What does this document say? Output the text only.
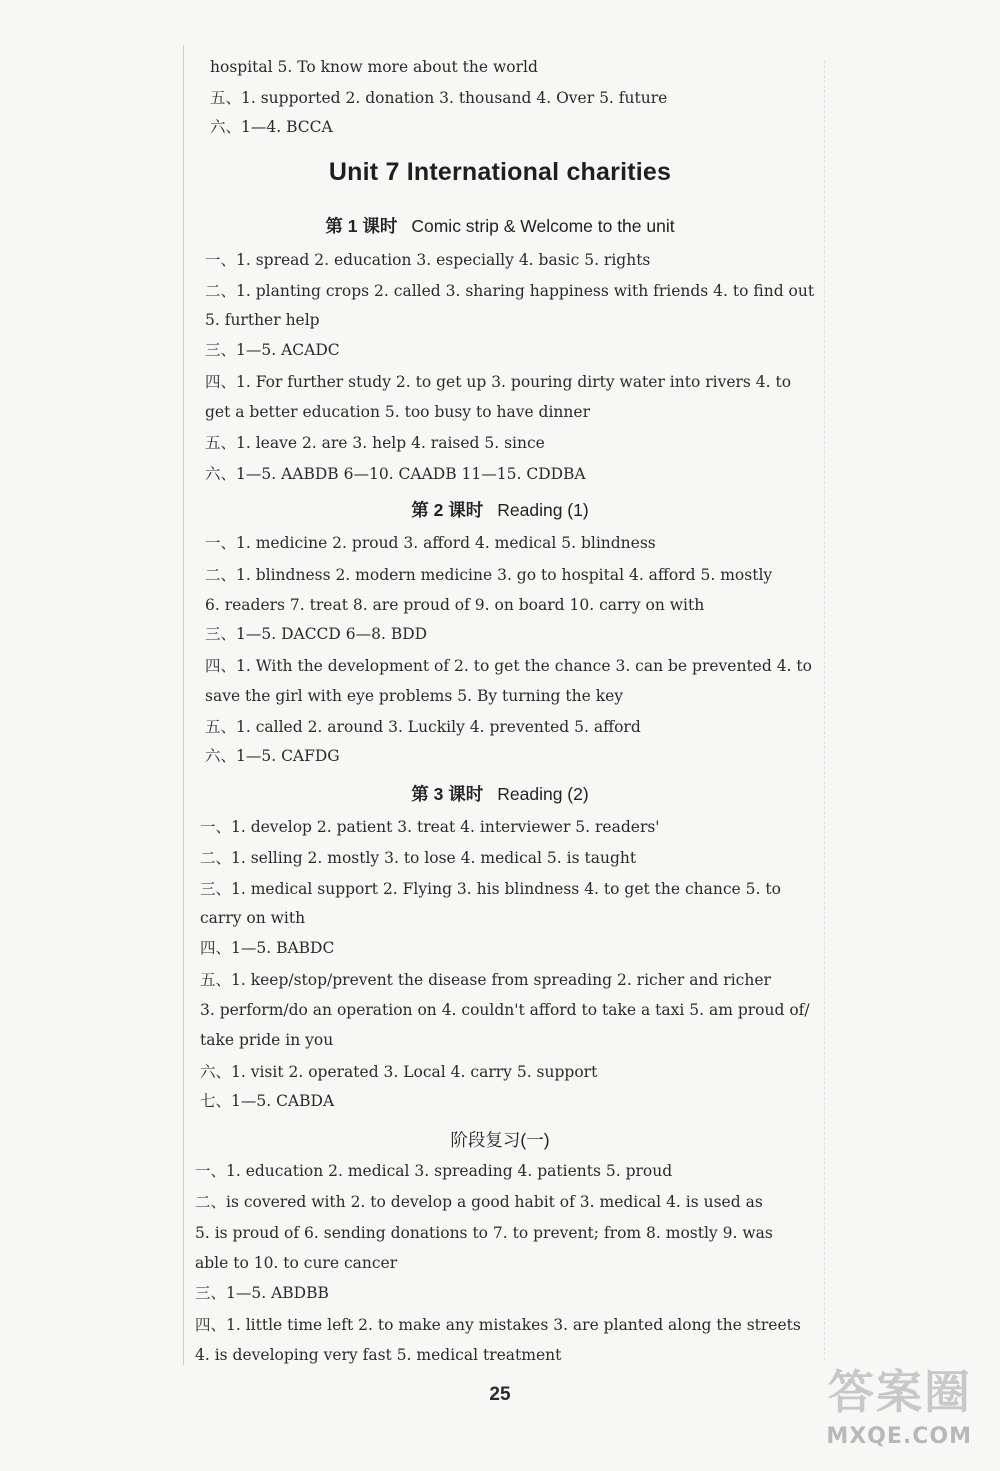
hospital 5. To know more about the world
五、1. supported 2. donation 3. thousand 4. Over 5. future
六、1—4. BCCA
Unit 7 International charities
第 1 课时 Comic strip & Welcome to the unit
一、1. spread 2. education 3. especially 4. basic 5. rights
二、1. planting crops 2. called 3. sharing happiness with friends 4. to find out
5. further help
三、1—5. ACADC
四、1. For further study 2. to get up 3. pouring dirty water into rivers 4. to
get a better education 5. too busy to have dinner
五、1. leave 2. are 3. help 4. raised 5. since
六、1—5. AABDB 6—10. CAADB 11—15. CDDBA
第 2 课时 Reading (1)
一、1. medicine 2. proud 3. afford 4. medical 5. blindness
二、1. blindness 2. modern medicine 3. go to hospital 4. afford 5. mostly
6. readers 7. treat 8. are proud of 9. on board 10. carry on with
三、1—5. DACCD 6—8. BDD
四、1. With the development of 2. to get the chance 3. can be prevented 4. to
save the girl with eye problems 5. By turning the key
五、1. called 2. around 3. Luckily 4. prevented 5. afford
六、1—5. CAFDG
第 3 课时 Reading (2)
一、1. develop 2. patient 3. treat 4. interviewer 5. readers'
二、1. selling 2. mostly 3. to lose 4. medical 5. is taught
三、1. medical support 2. Flying 3. his blindness 4. to get the chance 5. to
carry on with
四、1—5. BABDC
五、1. keep/stop/prevent the disease from spreading 2. richer and richer
3. perform/do an operation on 4. couldn't afford to take a taxi 5. am proud of/
take pride in you
六、1. visit 2. operated 3. Local 4. carry 5. support
七、1—5. CABDA
阶段复习(一)
一、1. education 2. medical 3. spreading 4. patients 5. proud
二、is covered with 2. to develop a good habit of 3. medical 4. is used as
5. is proud of 6. sending donations to 7. to prevent; from 8. mostly 9. was
able to 10. to cure cancer
三、1—5. ABDBB
四、1. little time left 2. to make any mistakes 3. are planted along the streets
4. is developing very fast 5. medical treatment
25	答案圈
MXQE.COM
